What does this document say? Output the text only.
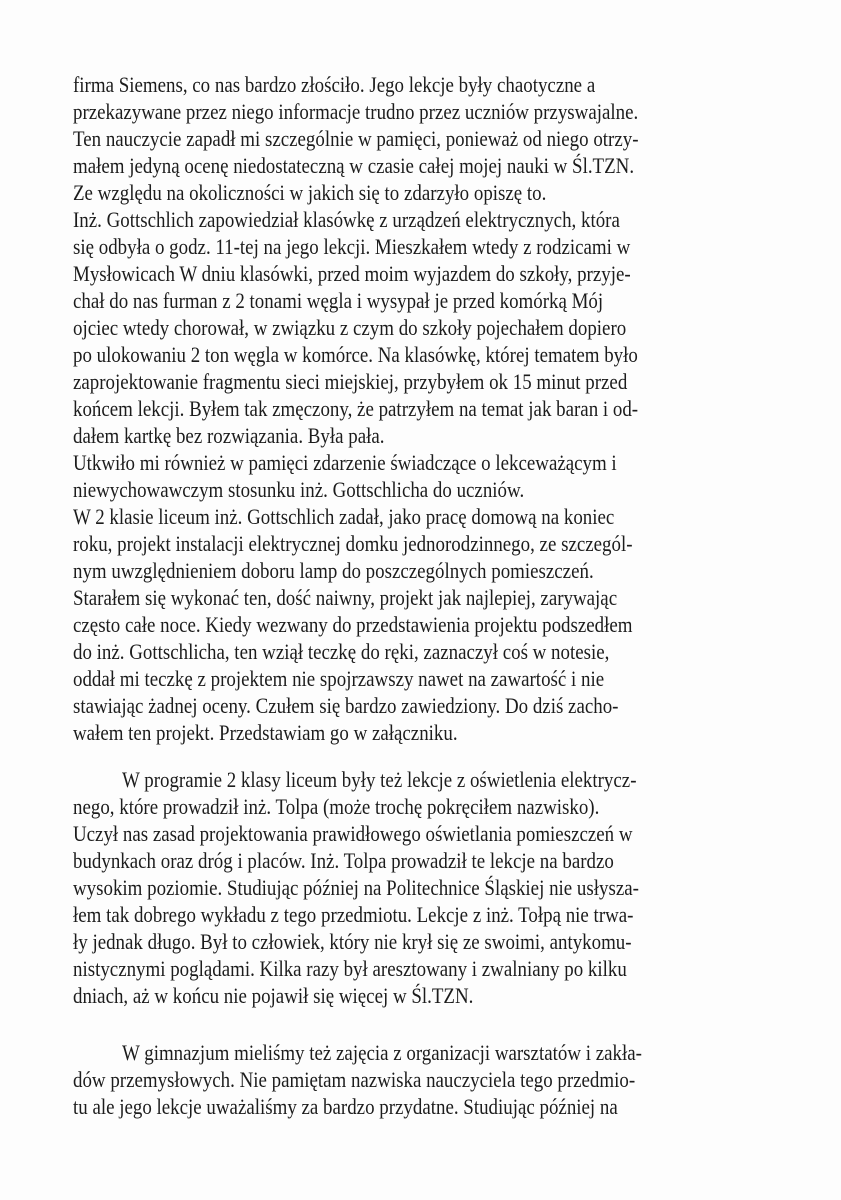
firma Siemens, co nas bardzo złościło. Jego lekcje były chaotyczne a
przekazywane przez niego informacje trudno przez uczniów przyswajalne.
Ten nauczycie zapadł mi szczególnie w pamięci, ponieważ od niego otrzy-
małem jedyną ocenę niedostateczną w czasie całej mojej nauki w Śl.TZN.
Ze względu na okoliczności w jakich się to zdarzyło opiszę to.
Inż. Gottschlich zapowiedział klasówkę z urządzeń elektrycznych, która
się odbyła o godz. 11-tej na jego lekcji. Mieszkałem wtedy z rodzicami w
Mysłowicach W dniu klasówki, przed moim wyjazdem do szkoły, przyje-
chał do nas furman z 2 tonami węgla i wysypał je przed komórką Mój
ojciec wtedy chorował, w związku z czym do szkoły pojechałem dopiero
po ulokowaniu 2 ton węgla w komórce. Na klasówkę, której tematem było
zaprojektowanie fragmentu sieci miejskiej, przybyłem ok 15 minut przed
końcem lekcji. Byłem tak zmęczony, że patrzyłem na temat jak baran i od-
dałem kartkę bez rozwiązania. Była pała.
Utkwiło mi również w pamięci zdarzenie świadczące o lekceważącym i
niewychowawczym stosunku inż. Gottschlicha do uczniów.
W 2 klasie liceum inż. Gottschlich zadał, jako pracę domową na koniec
roku, projekt instalacji elektrycznej domku jednorodzinnego, ze szczegól-
nym uwzględnieniem doboru lamp do poszczególnych pomieszczeń.
Starałem się wykonać ten, dość naiwny, projekt jak najlepiej, zarywając
często całe noce. Kiedy wezwany do przedstawienia projektu podszedłem
do inż. Gottschlicha, ten wziął teczkę do ręki, zaznaczył coś w notesie,
oddał mi teczkę z projektem nie spojrzawszy nawet na zawartość i nie
stawiając żadnej oceny. Czułem się bardzo zawiedziony. Do dziś zacho-
wałem ten projekt. Przedstawiam go w załączniku.
W programie 2 klasy liceum były też lekcje z oświetlenia elektrycz-
nego, które prowadził inż. Tolpa (może trochę pokręciłem nazwisko).
Uczył nas zasad projektowania prawidłowego oświetlania pomieszczeń w
budynkach oraz dróg i placów. Inż. Tolpa prowadził te lekcje na bardzo
wysokim poziomie. Studiując później na Politechnice Śląskiej nie usłysza-
łem tak dobrego wykładu z tego przedmiotu. Lekcje z inż. Tołpą nie trwa-
ły jednak długo. Był to człowiek, który nie krył się ze swoimi, antykomu-
nistycznymi poglądami. Kilka razy był aresztowany i zwalniany po kilku
dniach, aż w końcu nie pojawił się więcej w Śl.TZN.
W gimnazjum mieliśmy też zajęcia z organizacji warsztatów i zakła-
dów przemysłowych. Nie pamiętam nazwiska nauczyciela tego przedmio-
tu ale jego lekcje uważaliśmy za bardzo przydatne. Studiując później na
